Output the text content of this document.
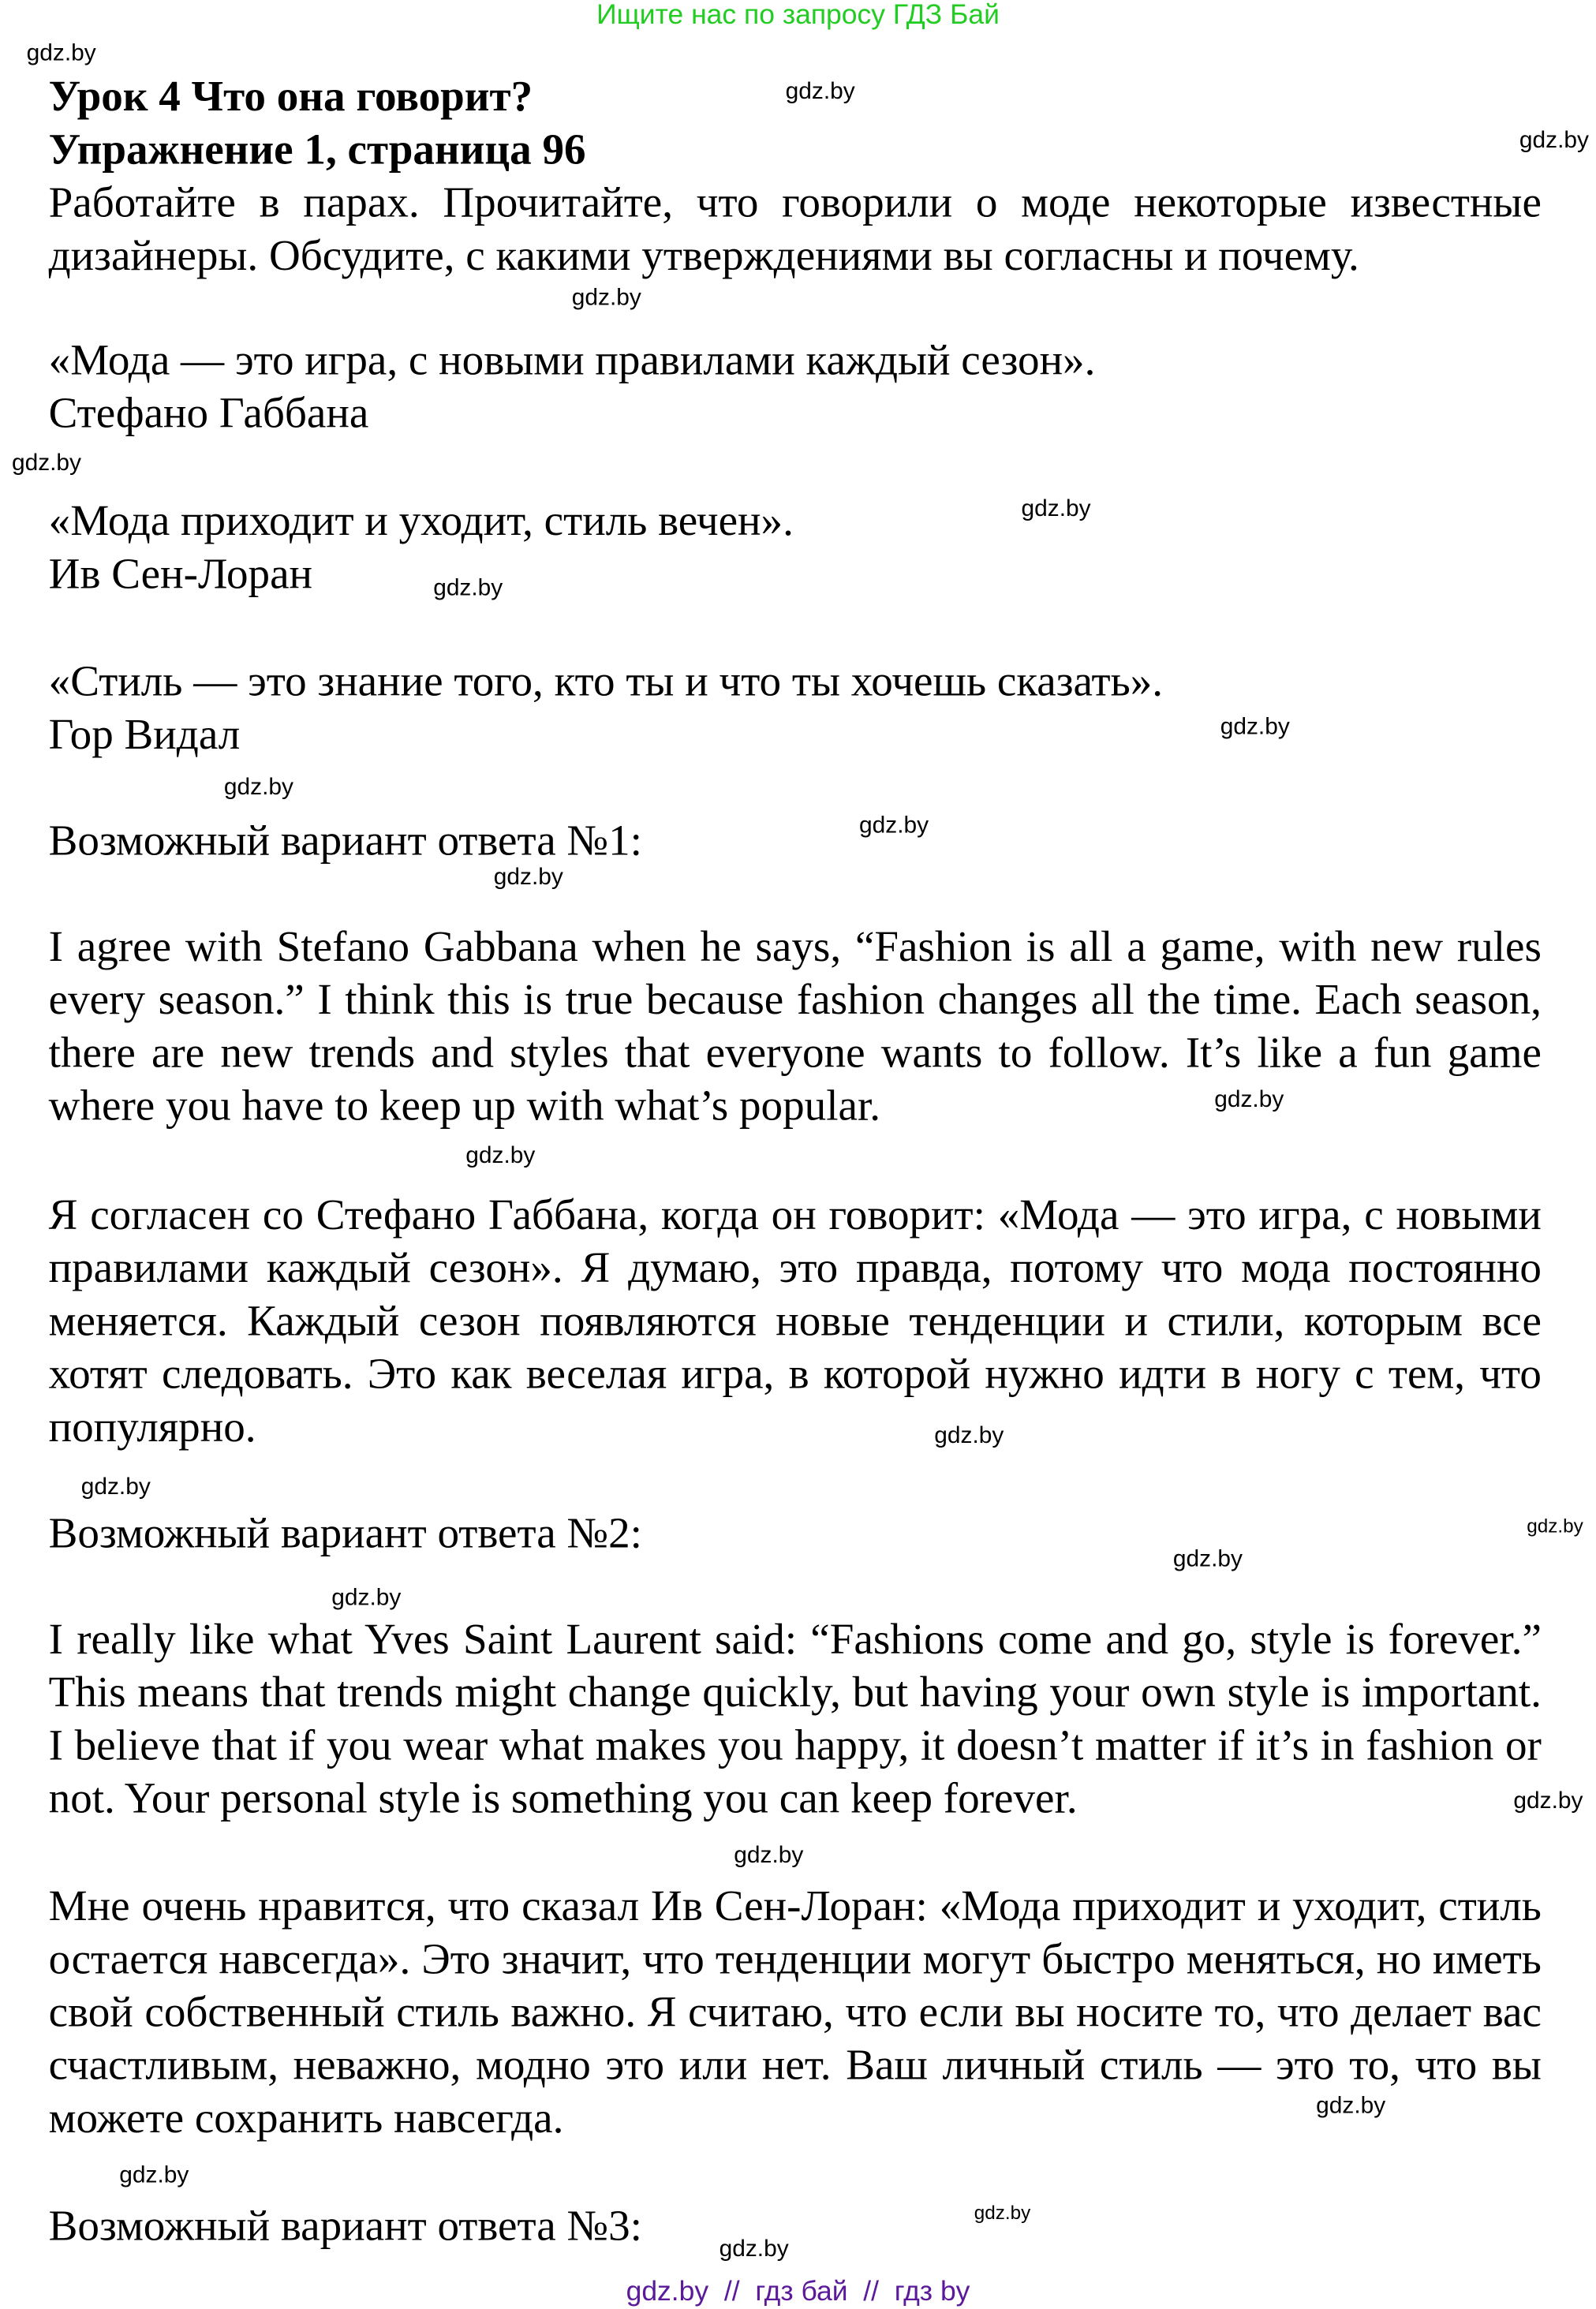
Ищите нас по запросу ГДЗ Бай
Урок 4 Что она говорит?
Упражнение 1, страница 96
Работайте в парах. Прочитайте, что говорили о моде некоторые известные дизайнеры. Обсудите, с какими утверждениями вы согласны и почему.
«Мода — это игра, с новыми правилами каждый сезон».
Стефано Габбана
«Мода приходит и уходит, стиль вечен».
Ив Сен-Лоран
«Стиль — это знание того, кто ты и что ты хочешь сказать».
Гор Видал
Возможный вариант ответа №1:
I agree with Stefano Gabbana when he says, “Fashion is all a game, with new rules every season.” I think this is true because fashion changes all the time. Each season, there are new trends and styles that everyone wants to follow. It’s like a fun game where you have to keep up with what’s popular.
Я согласен со Стефано Габбана, когда он говорит: «Мода — это игра, с новыми правилами каждый сезон». Я думаю, это правда, потому что мода постоянно меняется. Каждый сезон появляются новые тенденции и стили, которым все хотят следовать. Это как веселая игра, в которой нужно идти в ногу с тем, что популярно.
Возможный вариант ответа №2:
I really like what Yves Saint Laurent said: “Fashions come and go, style is forever.” This means that trends might change quickly, but having your own style is important. I believe that if you wear what makes you happy, it doesn’t matter if it’s in fashion or not. Your personal style is something you can keep forever.
Мне очень нравится, что сказал Ив Сен-Лоран: «Мода приходит и уходит, стиль остается навсегда». Это значит, что тенденции могут быстро меняться, но иметь свой собственный стиль важно. Я считаю, что если вы носите то, что делает вас счастливым, неважно, модно это или нет. Ваш личный стиль — это то, что вы можете сохранить навсегда.
Возможный вариант ответа №3:
gdz.by
gdz.by
gdz.by
gdz.by
gdz.by
gdz.by
gdz.by
gdz.by
gdz.by
gdz.by
gdz.by
gdz.by
gdz.by
gdz.by
gdz.by
gdz.by
gdz.by
gdz.by
gdz.by
gdz.by
gdz.by
gdz.by
gdz.by
gdz.by
gdz.by  //  гдз бай  //  гдз by
